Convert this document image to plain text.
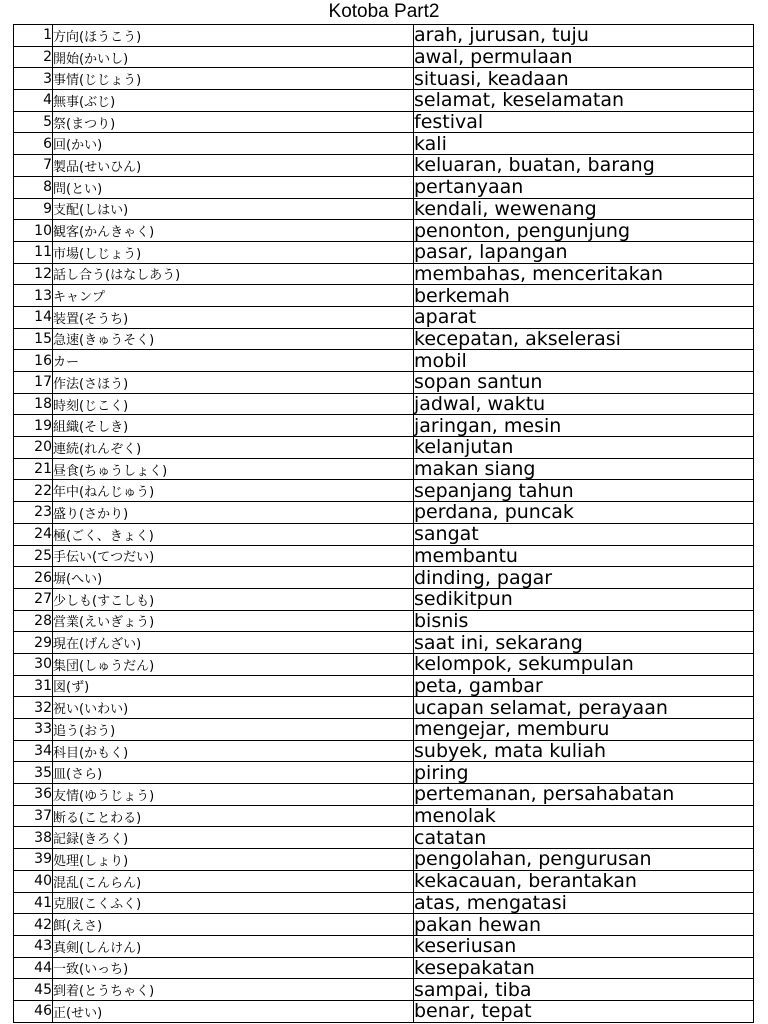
Kotoba Part2
1	方向(ほうこう)	arah, jurusan, tuju
2	開始(かいし)	awal, permulaan
3	事情(じじょう)	situasi, keadaan
4	無事(ぶじ)	selamat, keselamatan
5	祭(まつり)	festival
6	回(かい)	kali
7	製品(せいひん)	keluaran, buatan, barang
8	問(とい)	pertanyaan
9	支配(しはい)	kendali, wewenang
10	観客(かんきゃく)	penonton, pengunjung
11	市場(しじょう)	pasar, lapangan
12	話し合う(はなしあう)	membahas, menceritakan
13	キャンプ	berkemah
14	装置(そうち)	aparat
15	急速(きゅうそく)	kecepatan, akselerasi
16	カー	mobil
17	作法(さほう)	sopan santun
18	時刻(じこく)	jadwal, waktu
19	組織(そしき)	jaringan, mesin
20	連続(れんぞく)	kelanjutan
21	昼食(ちゅうしょく)	makan siang
22	年中(ねんじゅう)	sepanjang tahun
23	盛り(さかり)	perdana, puncak
24	極(ごく、きょく)	sangat
25	手伝い(てつだい)	membantu
26	塀(へい)	dinding, pagar
27	少しも(すこしも)	sedikitpun
28	営業(えいぎょう)	bisnis
29	現在(げんざい)	saat ini, sekarang
30	集団(しゅうだん)	kelompok, sekumpulan
31	図(ず)	peta, gambar
32	祝い(いわい)	ucapan selamat, perayaan
33	追う(おう)	mengejar, memburu
34	科目(かもく)	subyek, mata kuliah
35	皿(さら)	piring
36	友情(ゆうじょう)	pertemanan, persahabatan
37	断る(ことわる)	menolak
38	記録(きろく)	catatan
39	処理(しょり)	pengolahan, pengurusan
40	混乱(こんらん)	kekacauan, berantakan
41	克服(こくふく)	atas, mengatasi
42	餌(えさ)	pakan hewan
43	真剣(しんけん)	keseriusan
44	一致(いっち)	kesepakatan
45	到着(とうちゃく)	sampai, tiba
46	正(せい)	benar, tepat
